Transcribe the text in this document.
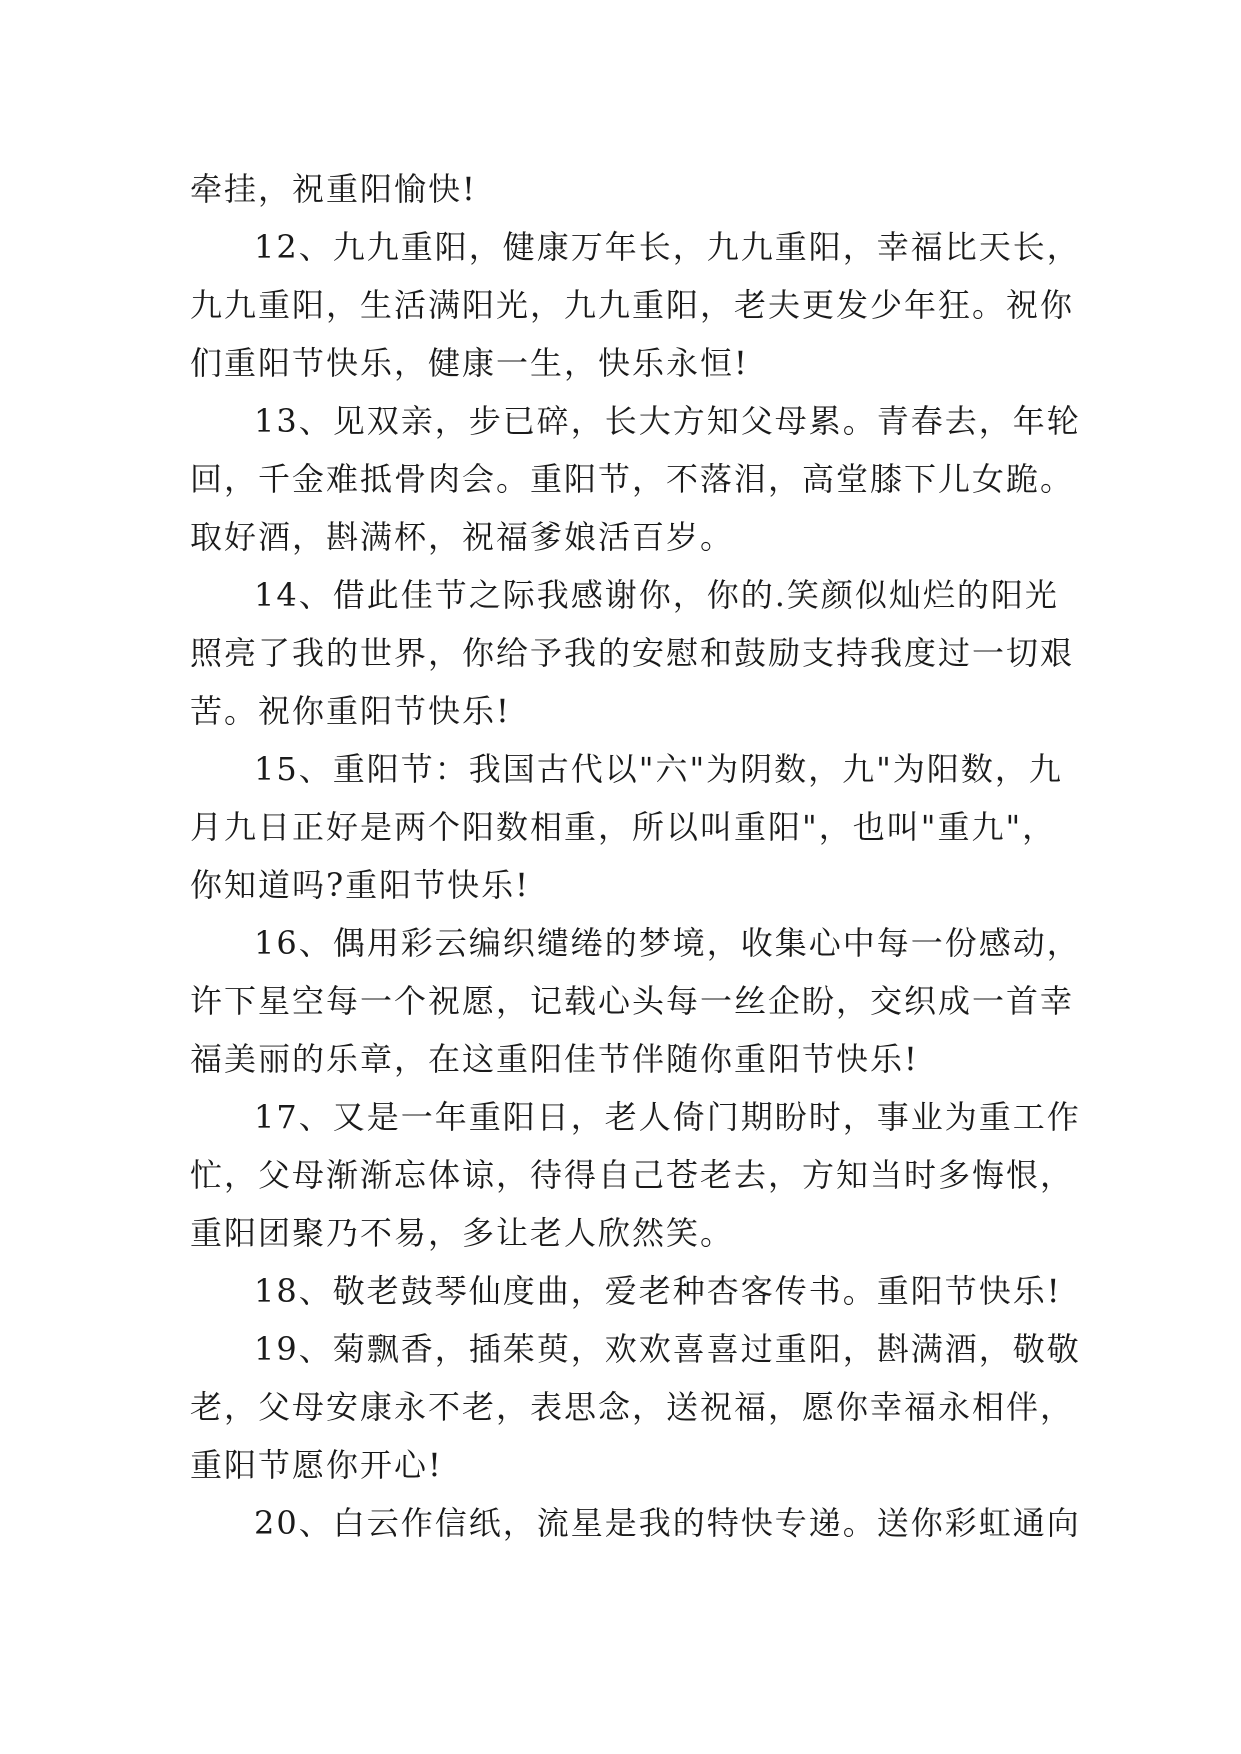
牵挂，祝重阳愉快!
12、九九重阳，健康万年长，九九重阳，幸福比天长，
九九重阳，生活满阳光，九九重阳，老夫更发少年狂。祝你
们重阳节快乐，健康一生，快乐永恒!
13、见双亲，步已碎，长大方知父母累。青春去，年轮
回，千金难抵骨肉会。重阳节，不落泪，高堂膝下儿女跪。
取好酒，斟满杯，祝福爹娘活百岁。
14、借此佳节之际我感谢你，你的.笑颜似灿烂的阳光
照亮了我的世界，你给予我的安慰和鼓励支持我度过一切艰
苦。祝你重阳节快乐!
15、重阳节：我国古代以"六"为阴数，九"为阳数，九
月九日正好是两个阳数相重，所以叫重阳"，也叫"重九"，
你知道吗?重阳节快乐!
16、偶用彩云编织缱绻的梦境，收集心中每一份感动，
许下星空每一个祝愿，记载心头每一丝企盼，交织成一首幸
福美丽的乐章，在这重阳佳节伴随你重阳节快乐!
17、又是一年重阳日，老人倚门期盼时，事业为重工作
忙，父母渐渐忘体谅，待得自己苍老去，方知当时多悔恨，
重阳团聚乃不易，多让老人欣然笑。
18、敬老鼓琴仙度曲，爱老种杏客传书。重阳节快乐!
19、菊飘香，插茱萸，欢欢喜喜过重阳，斟满酒，敬敬
老，父母安康永不老，表思念，送祝福，愿你幸福永相伴，
重阳节愿你开心!
20、白云作信纸，流星是我的特快专递。送你彩虹通向
